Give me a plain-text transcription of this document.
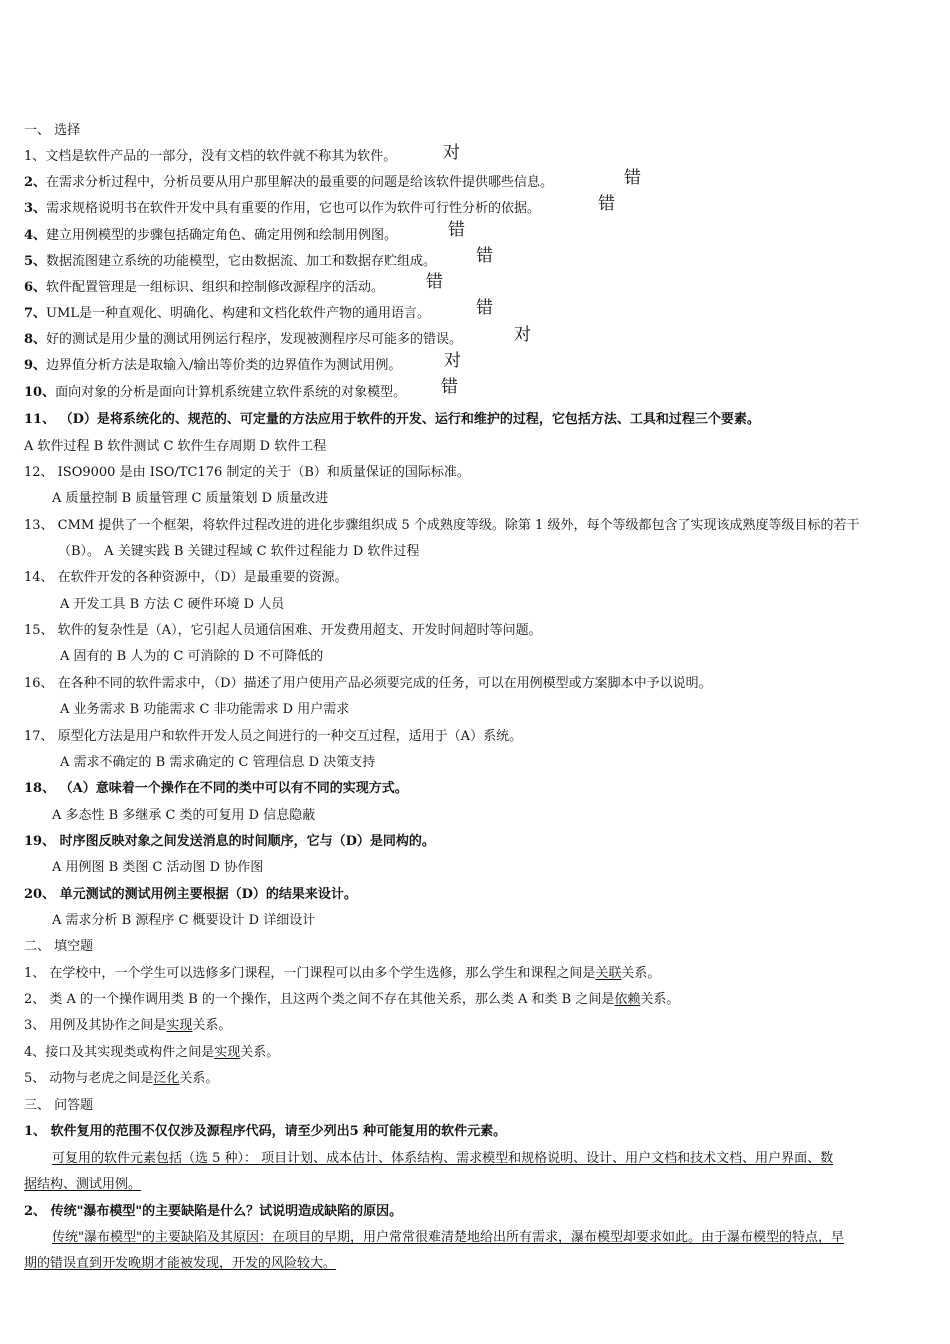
一、 选择
1、文档是软件产品的一部分，没有文档的软件就不称其为软件。	对
2、在需求分析过程中，分析员要从用户那里解决的最重要的问题是给该软件提供哪些信息。	错
3、需求规格说明书在软件开发中具有重要的作用，它也可以作为软件可行性分析的依据。	错
4、建立用例模型的步骤包括确定角色、确定用例和绘制用例图。	错
5、数据流图建立系统的功能模型，它由数据流、加工和数据存贮组成。 错
6、软件配置管理是一组标识、组织和控制修改源程序的活动。 错
7、UML是一种直观化、明确化、构建和文档化软件产物的通用语言。	错
8、好的测试是用少量的测试用例运行程序，发现被测程序尽可能多的错误。	对
9、边界值分析方法是取输入/输出等价类的边界值作为测试用例。	对
10、面向对象的分析是面向计算机系统建立软件系统的对象模型。 错
11、 （D）是将系统化的、规范的、可定量的方法应用于软件的开发、运行和维护的过程，它包括方法、工具和过程三个要素。
A 软件过程 B 软件测试 C 软件生存周期 D 软件工程
12、 ISO9000 是由 ISO/TC176 制定的关于（B）和质量保证的国际标准。
A 质量控制 B 质量管理 C 质量策划 D 质量改进
13、 CMM 提供了一个框架，将软件过程改进的进化步骤组织成 5 个成熟度等级。除第 1 级外，每个等级都包含了实现该成熟度等级目标的若干
（B）。 A 关键实践 B 关键过程域 C 软件过程能力 D 软件过程
14、 在软件开发的各种资源中，（D）是最重要的资源。
A 开发工具 B 方法 C 硬件环境 D 人员
15、 软件的复杂性是（A），它引起人员通信困难、开发费用超支、开发时间超时等问题。
A 固有的 B 人为的 C 可消除的 D 不可降低的
16、 在各种不同的软件需求中，（D）描述了用户使用产品必须要完成的任务，可以在用例模型或方案脚本中予以说明。
A 业务需求 B 功能需求 C 非功能需求 D 用户需求
17、 原型化方法是用户和软件开发人员之间进行的一种交互过程，适用于（A）系统。
A 需求不确定的 B 需求确定的 C 管理信息 D 决策支持
18、 （A）意味着一个操作在不同的类中可以有不同的实现方式。
A 多态性 B 多继承 C 类的可复用 D 信息隐蔽
19、 时序图反映对象之间发送消息的时间顺序，它与（D）是同构的。
A 用例图 B 类图 C 活动图 D 协作图
20、 单元测试的测试用例主要根据（D）的结果来设计。
A 需求分析 B 源程序 C 概要设计 D 详细设计
二、 填空题
1、 在学校中，一个学生可以选修多门课程，一门课程可以由多个学生选修，那么学生和课程之间是关联关系。
2、 类 A 的一个操作调用类 B 的一个操作，且这两个类之间不存在其他关系，那么类 A 和类 B 之间是依赖关系。
3、 用例及其协作之间是实现关系。
4、接口及其实现类或构件之间是实现关系。
5、 动物与老虎之间是泛化关系。
三、 问答题
1、 软件复用的范围不仅仅涉及源程序代码，请至少列出5 种可能复用的软件元素。
可复用的软件元素包括（选 5 种）： 项目计划、成本估计、体系结构、需求模型和规格说明、设计、用户文档和技术文档、用户界面、数
据结构、测试用例。
2、 传统"瀑布模型"的主要缺陷是什么？试说明造成缺陷的原因。
传统"瀑布模型"的主要缺陷及其原因：在项目的早期，用户常常很难清楚地给出所有需求，瀑布模型却要求如此。由于瀑布模型的特点，早
期的错误直到开发晚期才能被发现，开发的风险较大。
